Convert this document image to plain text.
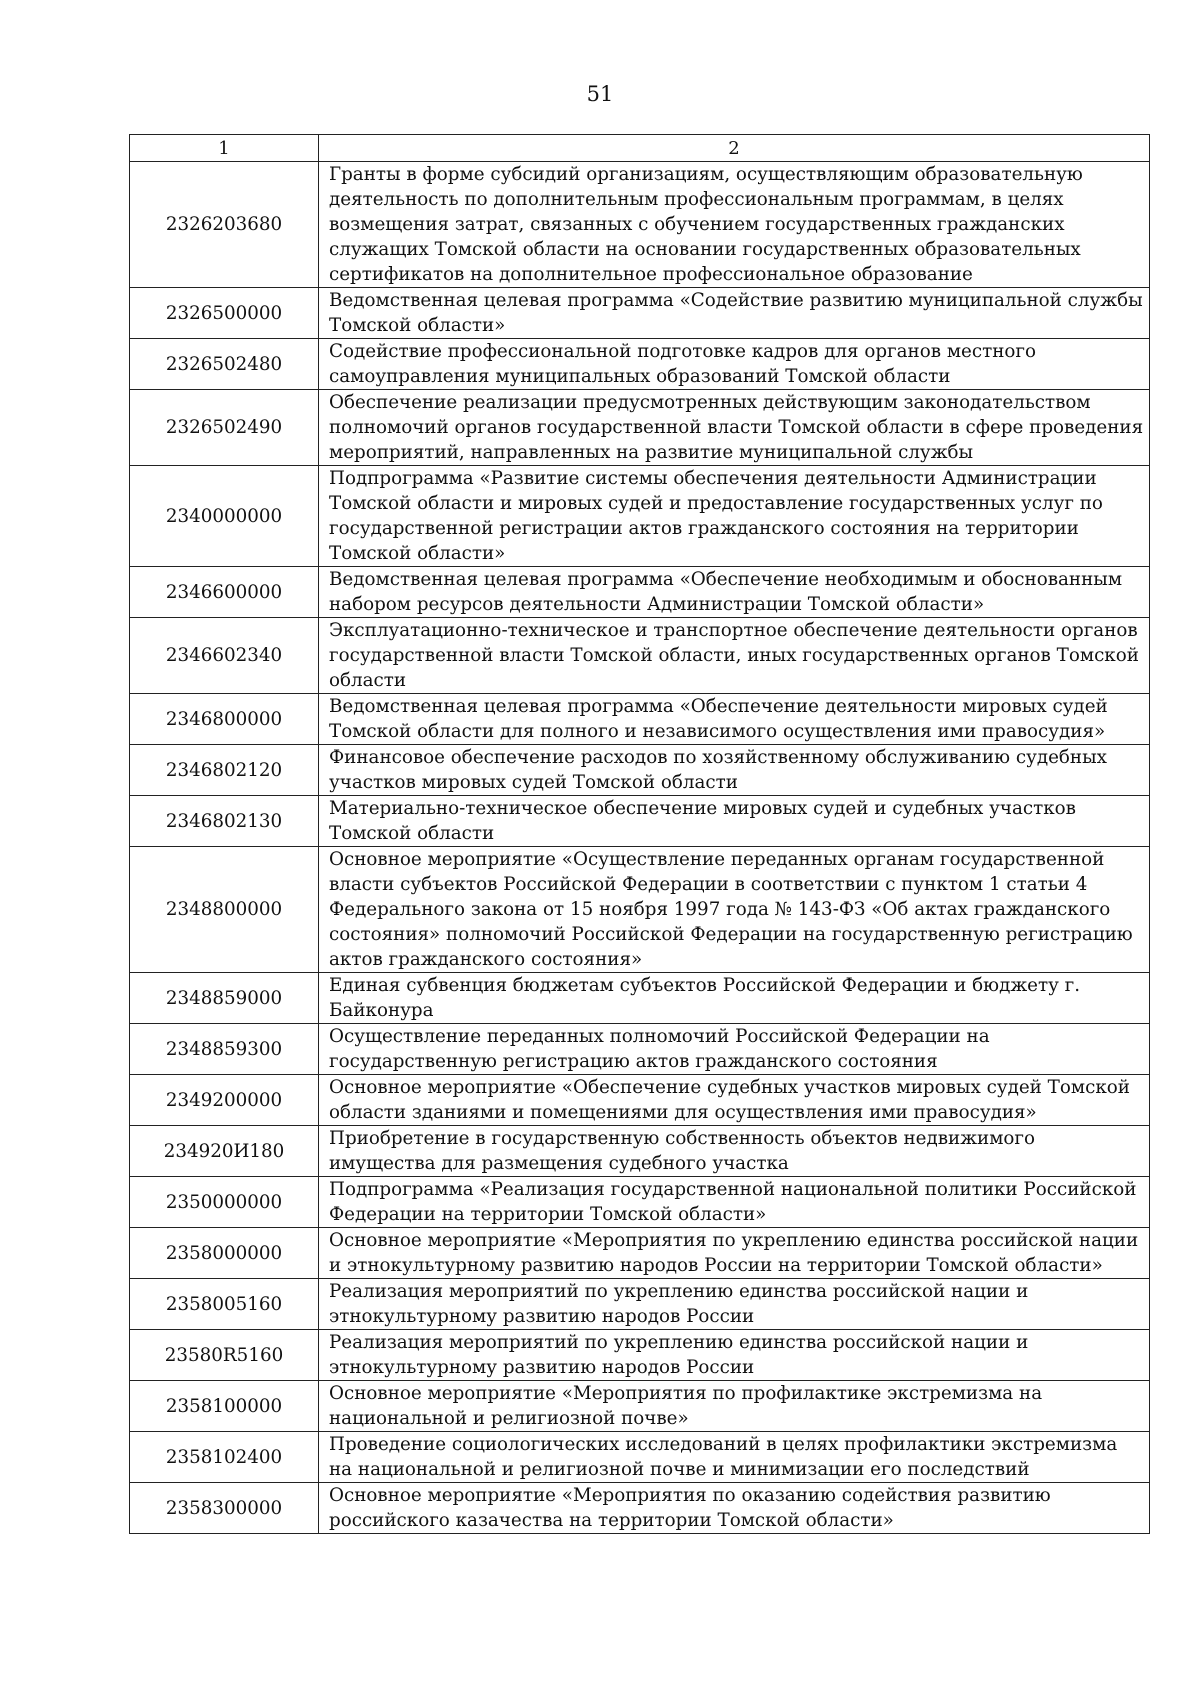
51
1	2
2326203680	Гранты в форме субсидий организациям, осуществляющим образовательную деятельность по дополнительным профессиональным программам, в целях возмещения затрат, связанных с обучением государственных гражданских служащих Томской области на основании государственных образовательных сертификатов на дополнительное профессиональное образование
2326500000	Ведомственная целевая программа «Содействие развитию муниципальной службы Томской области»
2326502480	Содействие профессиональной подготовке кадров для органов местного самоуправления муниципальных образований Томской области
2326502490	Обеспечение реализации предусмотренных действующим законодательством полномочий органов государственной власти Томской области в сфере проведения мероприятий, направленных на развитие муниципальной службы
2340000000	Подпрограмма «Развитие системы обеспечения деятельности Администрации Томской области и мировых судей и предоставление государственных услуг по государственной регистрации актов гражданского состояния на территории Томской области»
2346600000	Ведомственная целевая программа «Обеспечение необходимым и обоснованным набором ресурсов деятельности Администрации Томской области»
2346602340	Эксплуатационно-техническое и транспортное обеспечение деятельности органов государственной власти Томской области, иных государственных органов Томской области
2346800000	Ведомственная целевая программа «Обеспечение деятельности мировых судей Томской области для полного и независимого осуществления ими правосудия»
2346802120	Финансовое обеспечение расходов по хозяйственному обслуживанию судебных участков мировых судей Томской области
2346802130	Материально-техническое обеспечение мировых судей и судебных участков Томской области
2348800000	Основное мероприятие «Осуществление переданных органам государственной власти субъектов Российской Федерации в соответствии с пунктом 1 статьи 4 Федерального закона от 15 ноября 1997 года № 143-ФЗ «Об актах гражданского состояния» полномочий Российской Федерации на государственную регистрацию актов гражданского состояния»
2348859000	Единая субвенция бюджетам субъектов Российской Федерации и бюджету г. Байконура
2348859300	Осуществление переданных полномочий Российской Федерации на государственную регистрацию актов гражданского состояния
2349200000	Основное мероприятие «Обеспечение судебных участков мировых судей Томской области зданиями и помещениями для осуществления ими правосудия»
234920И180	Приобретение в государственную собственность объектов недвижимого имущества для размещения судебного участка
2350000000	Подпрограмма «Реализация государственной национальной политики Российской Федерации на территории Томской области»
2358000000	Основное мероприятие «Мероприятия по укреплению единства российской нации и этнокультурному развитию народов России на территории Томской области»
2358005160	Реализация мероприятий по укреплению единства российской нации и этнокультурному развитию народов России
23580R5160	Реализация мероприятий по укреплению единства российской нации и этнокультурному развитию народов России
2358100000	Основное мероприятие «Мероприятия по профилактике экстремизма на национальной и религиозной почве»
2358102400	Проведение социологических исследований в целях профилактики экстремизма на национальной и религиозной почве и минимизации его последствий
2358300000	Основное мероприятие «Мероприятия по оказанию содействия развитию российского казачества на территории Томской области»
